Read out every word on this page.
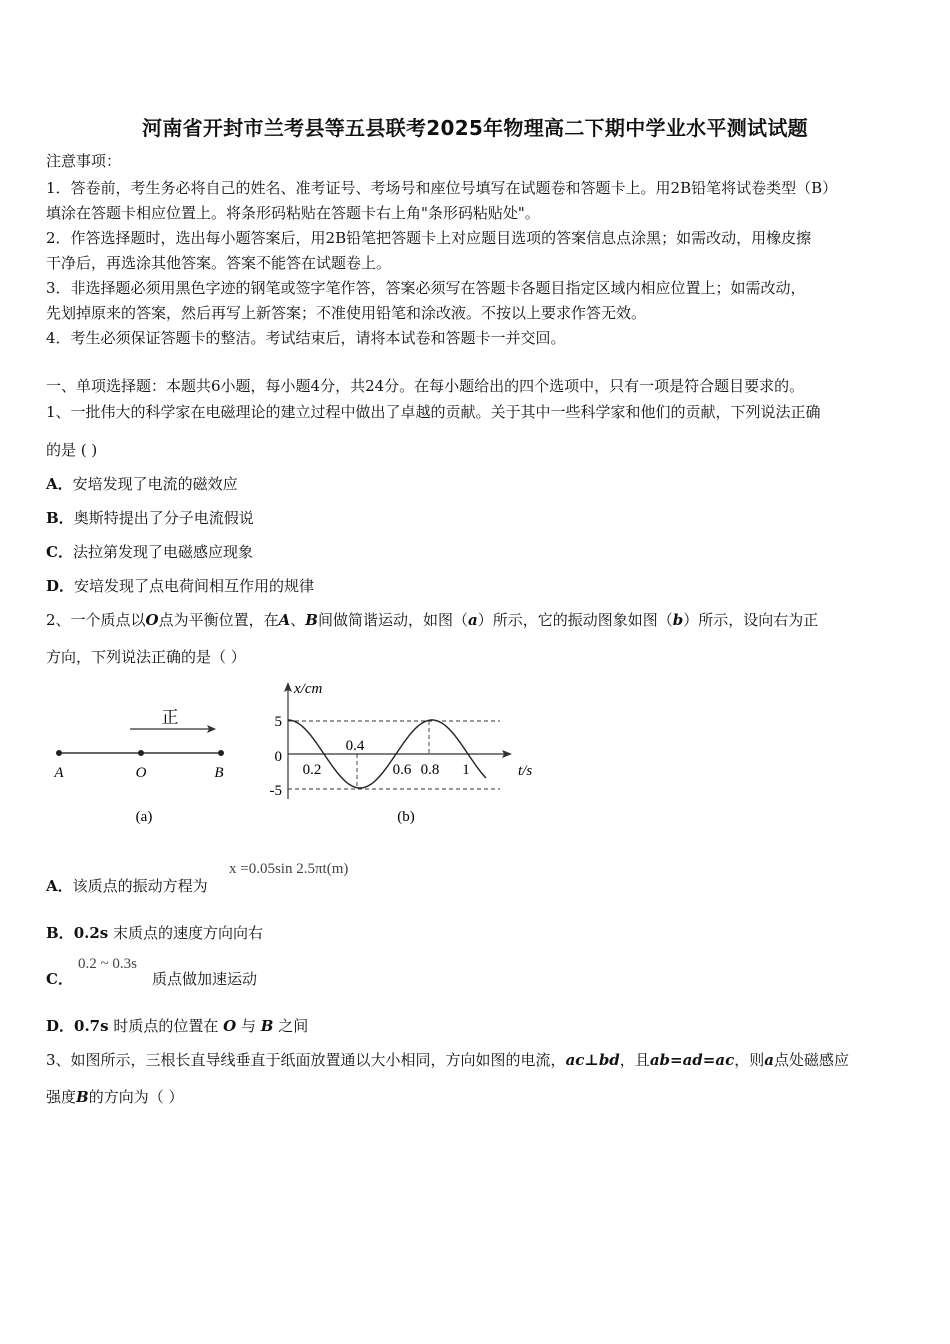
河南省开封市兰考县等五县联考2025年物理高二下期中学业水平测试试题
注意事项：
1．答卷前，考生务必将自己的姓名、准考证号、考场号和座位号填写在试题卷和答题卡上。用2B铅笔将试卷类型（B）
填涂在答题卡相应位置上。将条形码粘贴在答题卡右上角"条形码粘贴处"。
2．作答选择题时，选出每小题答案后，用2B铅笔把答题卡上对应题目选项的答案信息点涂黑；如需改动，用橡皮擦
干净后，再选涂其他答案。答案不能答在试题卷上。
3．非选择题必须用黑色字迹的钢笔或签字笔作答，答案必须写在答题卡各题目指定区域内相应位置上；如需改动，
先划掉原来的答案，然后再写上新答案；不准使用铅笔和涂改液。不按以上要求作答无效。
4．考生必须保证答题卡的整洁。考试结束后，请将本试卷和答题卡一并交回。
一、单项选择题：本题共6小题，每小题4分，共24分。在每小题给出的四个选项中，只有一项是符合题目要求的。
1、一批伟大的科学家在电磁理论的建立过程中做出了卓越的贡献。关于其中一些科学家和他们的贡献，下列说法正确
的是 ( )
A．安培发现了电流的磁效应
B．奥斯特提出了分子电流假说
C．法拉第发现了电磁感应现象
D．安培发现了点电荷间相互作用的规律
2、一个质点以O点为平衡位置，在A、B间做简谐运动，如图（a）所示，它的振动图象如图（b）所示，设向右为正
方向，下列说法正确的是（ ）
正
A	O	B
(a)
x/cm
t/s
5
0
-5
0.2
0.4
0.6 0.8 1
(b)
A．该质点的振动方程为
x =0.05sin 2.5πt(m)
B．0.2s 末质点的速度方向向右
0.2 ~ 0.3s
C．	质点做加速运动
D．0.7s 时质点的位置在 O 与 B 之间
3、如图所示，三根长直导线垂直于纸面放置通以大小相同，方向如图的电流，ac⊥bd，且ab=ad=ac，则a点处磁感应
强度B的方向为（ ）
